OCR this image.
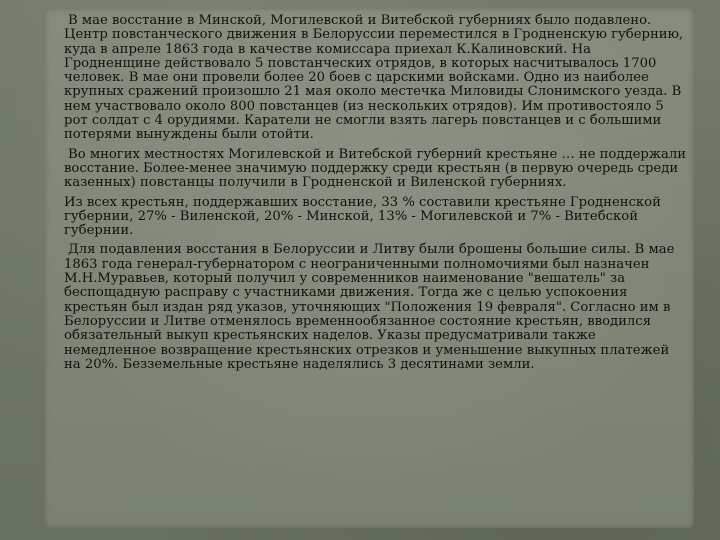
В мае восстание в Минской, Могилевской и Витебской губерниях было подавлено. Центр повстанческого движения в Белоруссии переместился в Гродненскую губернию, куда в апреле 1863 года в качестве комиссара приехал К.Калиновский. На Гродненщине действовало 5 повстанческих отрядов, в которых насчитывалось 1700 человек. В мае они провели более 20 боев с царскими войсками. Одно из наиболее крупных сражений произошло 21 мая около местечка Миловиды Слонимского уезда. В нем участвовало около 800 повстанцев (из нескольких отрядов). Им противостояло 5 рот солдат с 4 орудиями. Каратели не смогли взять лагерь повстанцев и с большими потерями вынуждены были отойти.

Во многих местностях Могилевской и Витебской губерний крестьяне … не поддержали восстание. Более-менее значимую поддержку среди крестьян (в первую очередь среди казенных) повстанцы получили в Гродненской и Виленской губерниях.

Из всех крестьян, поддержавших восстание, 33 % составили крестьяне Гродненской губернии, 27% - Виленской, 20% - Минской, 13% - Могилевской и 7% - Витебской губернии.

Для подавления восстания в Белоруссии и Литву были брошены большие силы. В мае 1863 года генерал-губернатором с неограниченными полномочиями был назначен М.Н.Муравьев, который получил у современников наименование "вешатель" за беспощадную расправу с участниками движения. Тогда же с целью успокоения крестьян был издан ряд указов, уточняющих "Положения 19 февраля". Согласно им в Белоруссии и Литве отменялось временнообязанное состояние крестьян, вводился обязательный выкуп крестьянских наделов. Указы предусматривали также немедленное возвращение крестьянских отрезков и уменьшение выкупных платежей на 20%. Безземельные крестьяне наделялись 3 десятинами земли.
